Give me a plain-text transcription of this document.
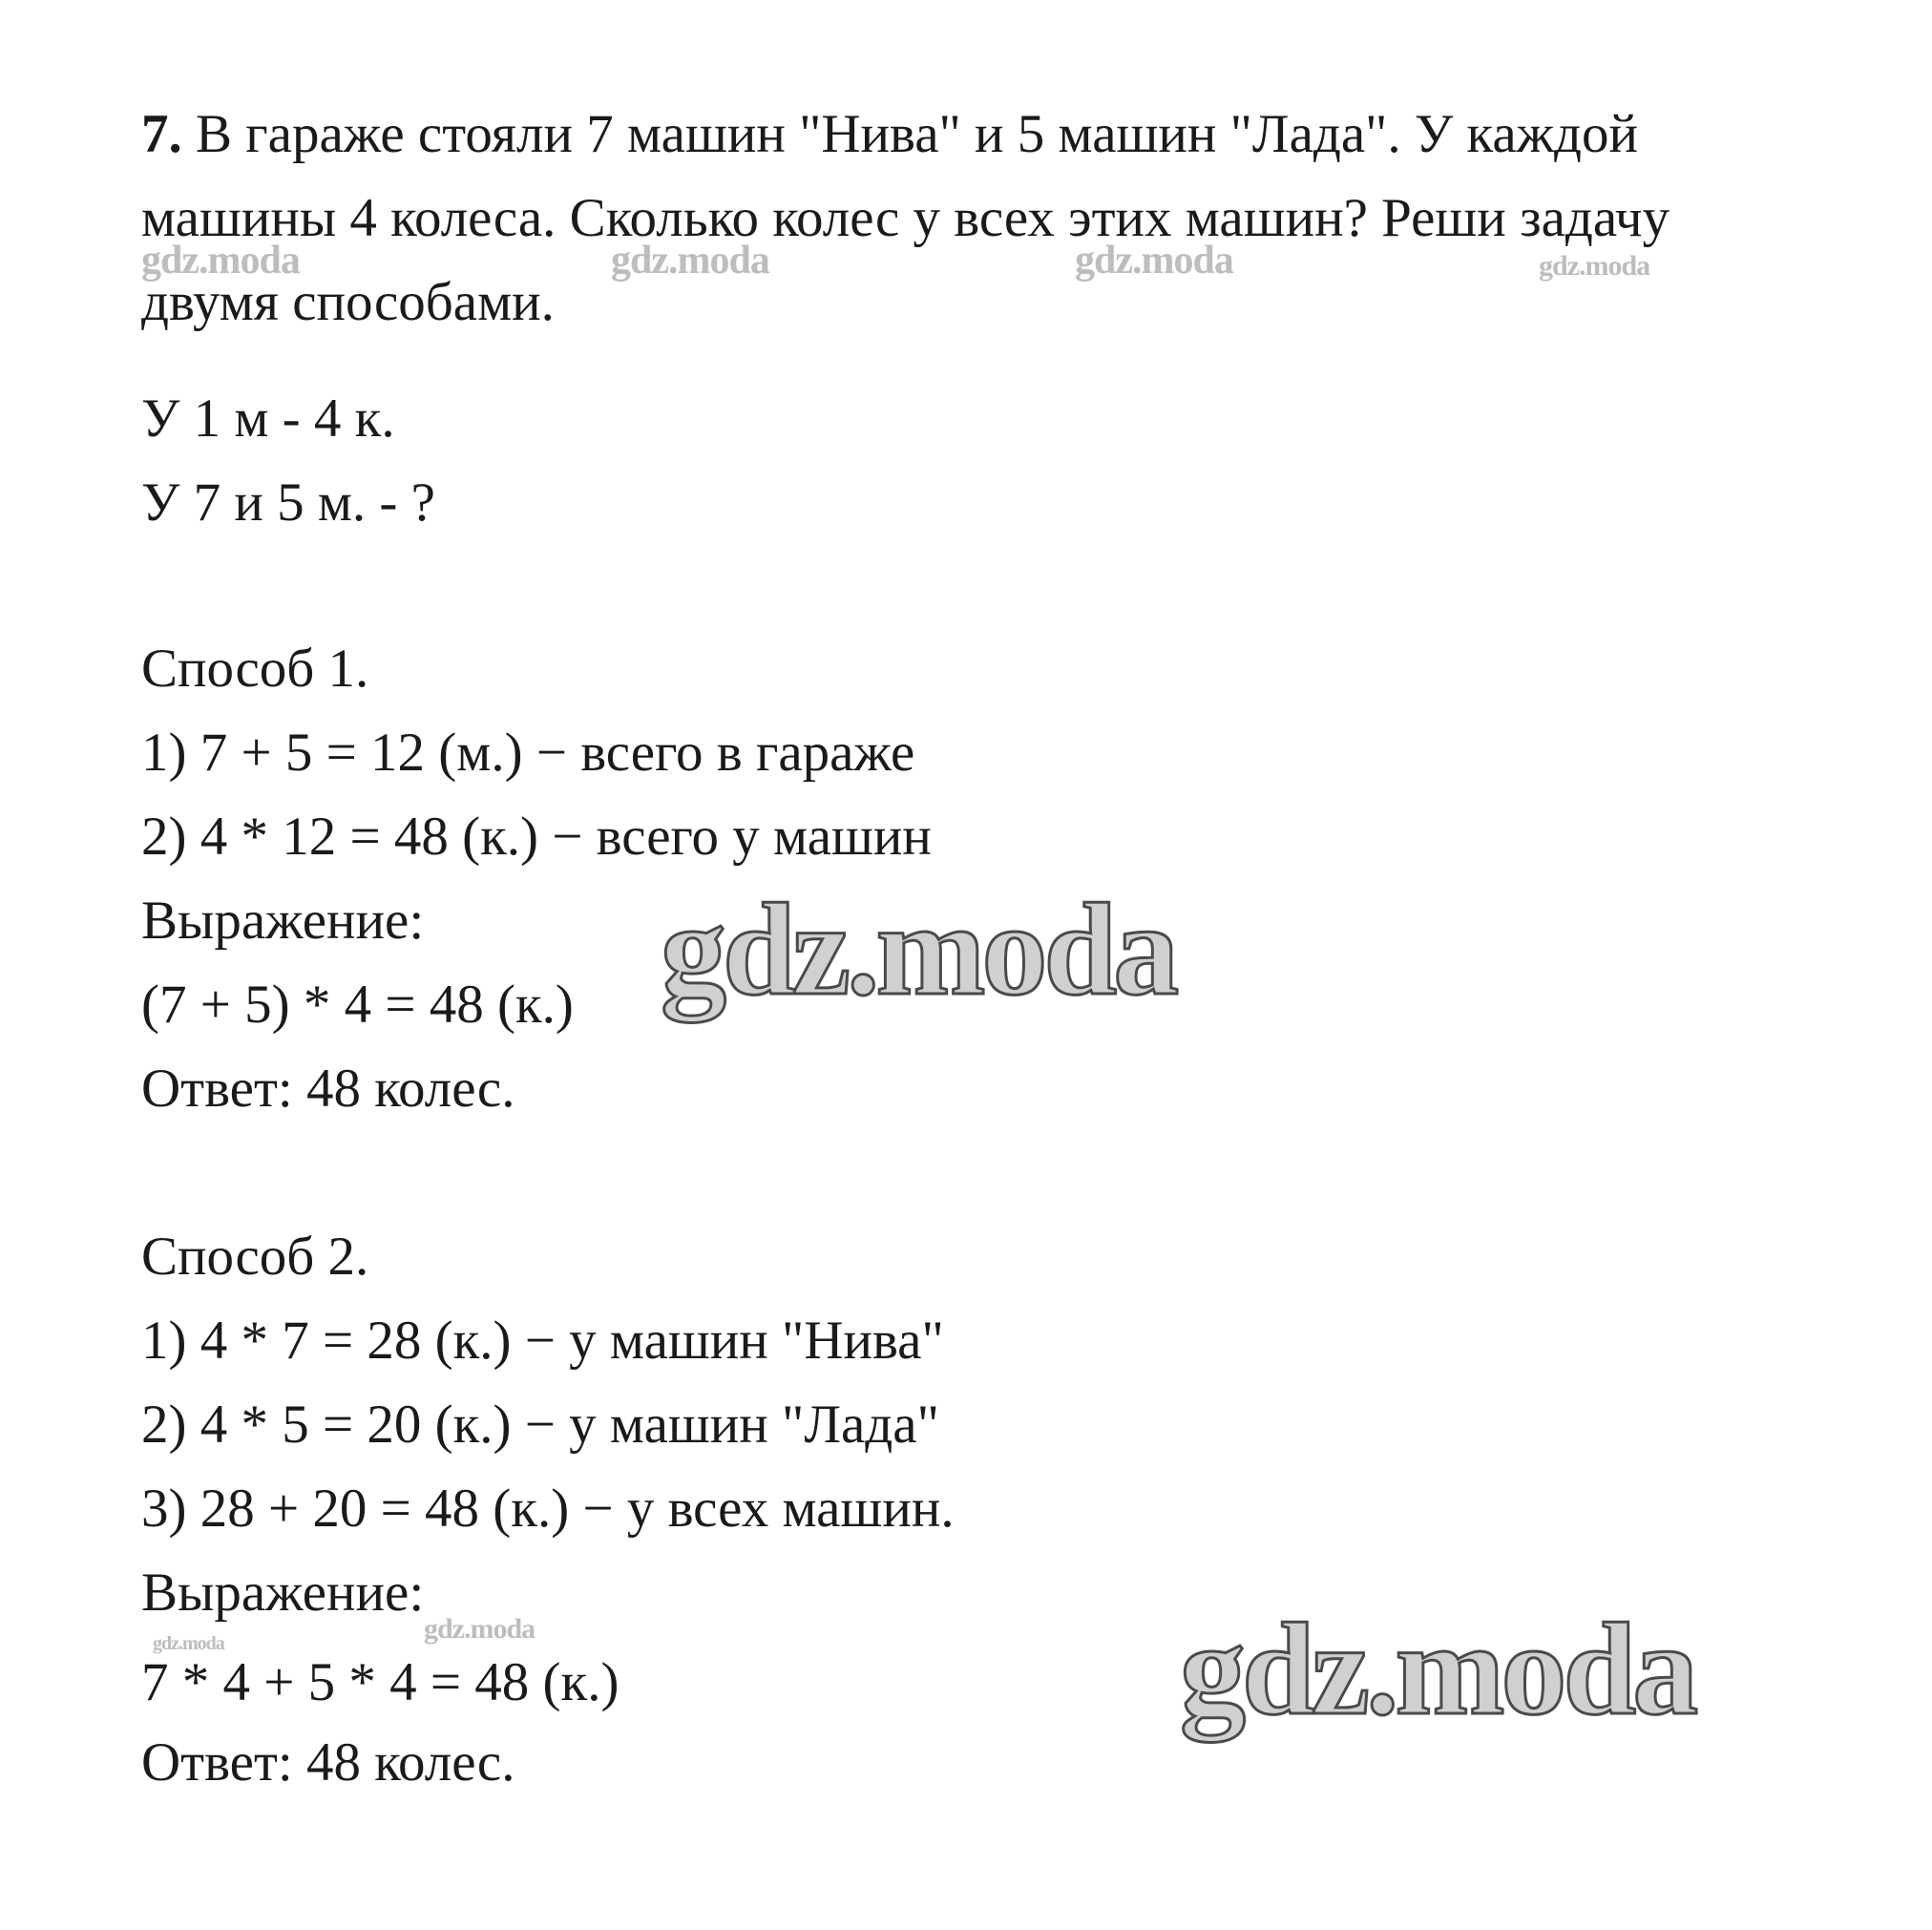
7. В гараже стояли 7 машин "Нива" и 5 машин "Лада". У каждой
машины 4 колеса. Сколько колес у всех этих машин? Реши задачу
двумя способами.
У 1 м - 4 к.
У 7 и 5 м. - ?
Способ 1.
1) 7 + 5 = 12 (м.) − всего в гараже
2) 4 * 12 = 48 (к.) − всего у машин
Выражение:
(7 + 5) * 4 = 48 (к.)
Ответ: 48 колес.
Способ 2.
1) 4 * 7 = 28 (к.) − у машин "Нива"
2) 4 * 5 = 20 (к.) − у машин "Лада"
3) 28 + 20 = 48 (к.) − у всех машин.
Выражение:
7 * 4 + 5 * 4 = 48 (к.)
Ответ: 48 колес.
gdz.moda	gdz.moda	gdz.moda	gdz.moda
gdz.moda
gdz.moda	gdz.moda	gdz.moda
